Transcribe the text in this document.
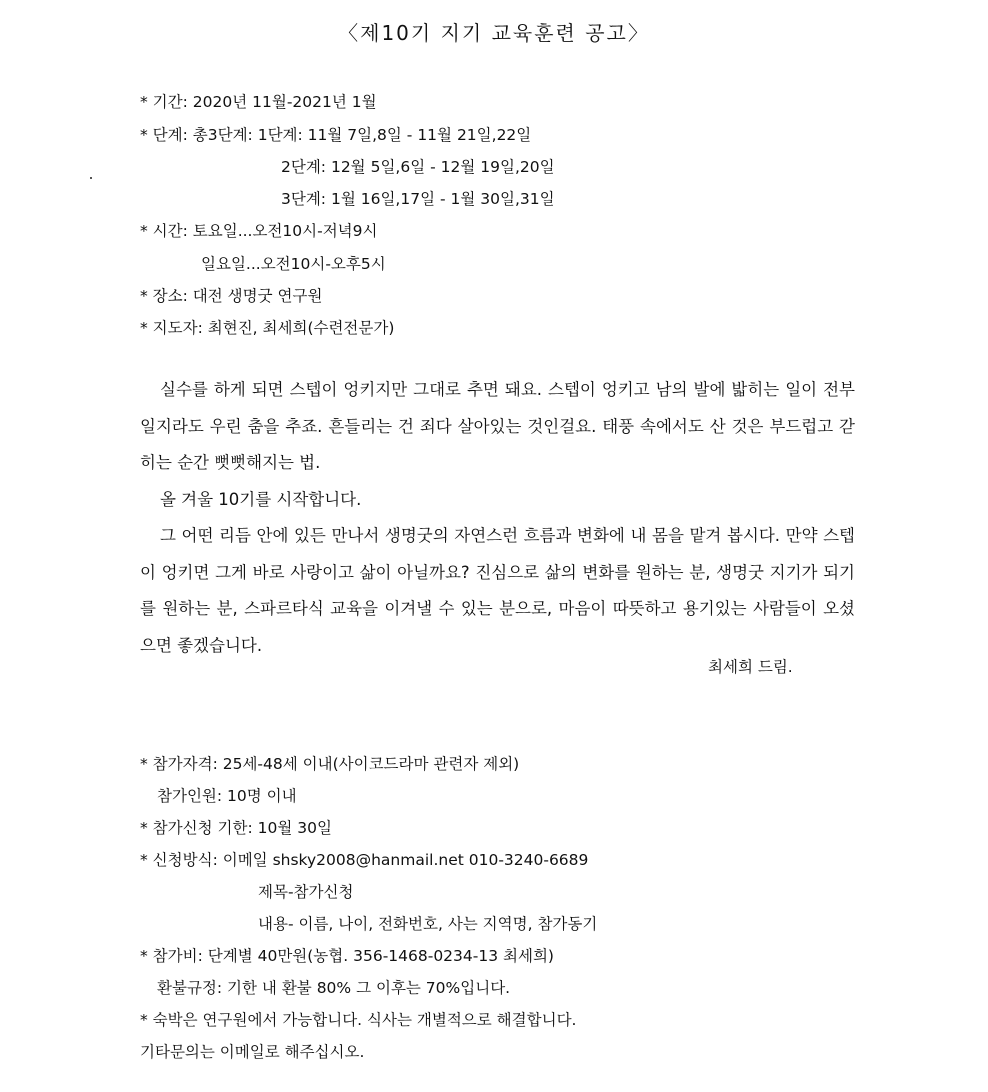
〈제10기 지기 교육훈련 공고〉
* 기간: 2020년 11월-2021년 1월
* 단계: 총3단계: 1단계: 11월 7일,8일 - 11월 21일,22일
2단계: 12월 5일,6일 - 12월 19일,20일
3단계: 1월 16일,17일 - 1월 30일,31일
* 시간: 토요일...오전10시-저녁9시
일요일...오전10시-오후5시
* 장소: 대전 생명굿 연구원
* 지도자: 최현진, 최세희(수련전문가)

실수를 하게 되면 스텝이 엉키지만 그대로 추면 돼요. 스텝이 엉키고 남의 발에 밟히는 일이 전부일지라도 우린 춤을 추죠. 흔들리는 건 죄다 살아있는 것인걸요. 태풍 속에서도 산 것은 부드럽고 갇히는 순간 뻣뻣해지는 법.

올 겨울 10기를 시작합니다.

그 어떤 리듬 안에 있든 만나서 생명굿의 자연스런 흐름과 변화에 내 몸을 맡겨 봅시다. 만약 스텝이 엉키면 그게 바로 사랑이고 삶이 아닐까요? 진심으로 삶의 변화를 원하는 분, 생명굿 지기가 되기를 원하는 분, 스파르타식 교육을 이겨낼 수 있는 분으로, 마음이 따뜻하고 용기있는 사람들이 오셨으면 좋겠습니다.

최세희 드림.
* 참가자격: 25세-48세 이내(사이코드라마 관련자 제외)
참가인원: 10명 이내
* 참가신청 기한: 10월 30일
* 신청방식: 이메일 shsky2008@hanmail.net 010-3240-6689
제목-참가신청
내용- 이름, 나이, 전화번호, 사는 지역명, 참가동기
* 참가비: 단계별 40만원(농협. 356-1468-0234-13 최세희)
환불규정: 기한 내 환불 80% 그 이후는 70%입니다.
* 숙박은 연구원에서 가능합니다. 식사는 개별적으로 해결합니다.
기타문의는 이메일로 해주십시오.
